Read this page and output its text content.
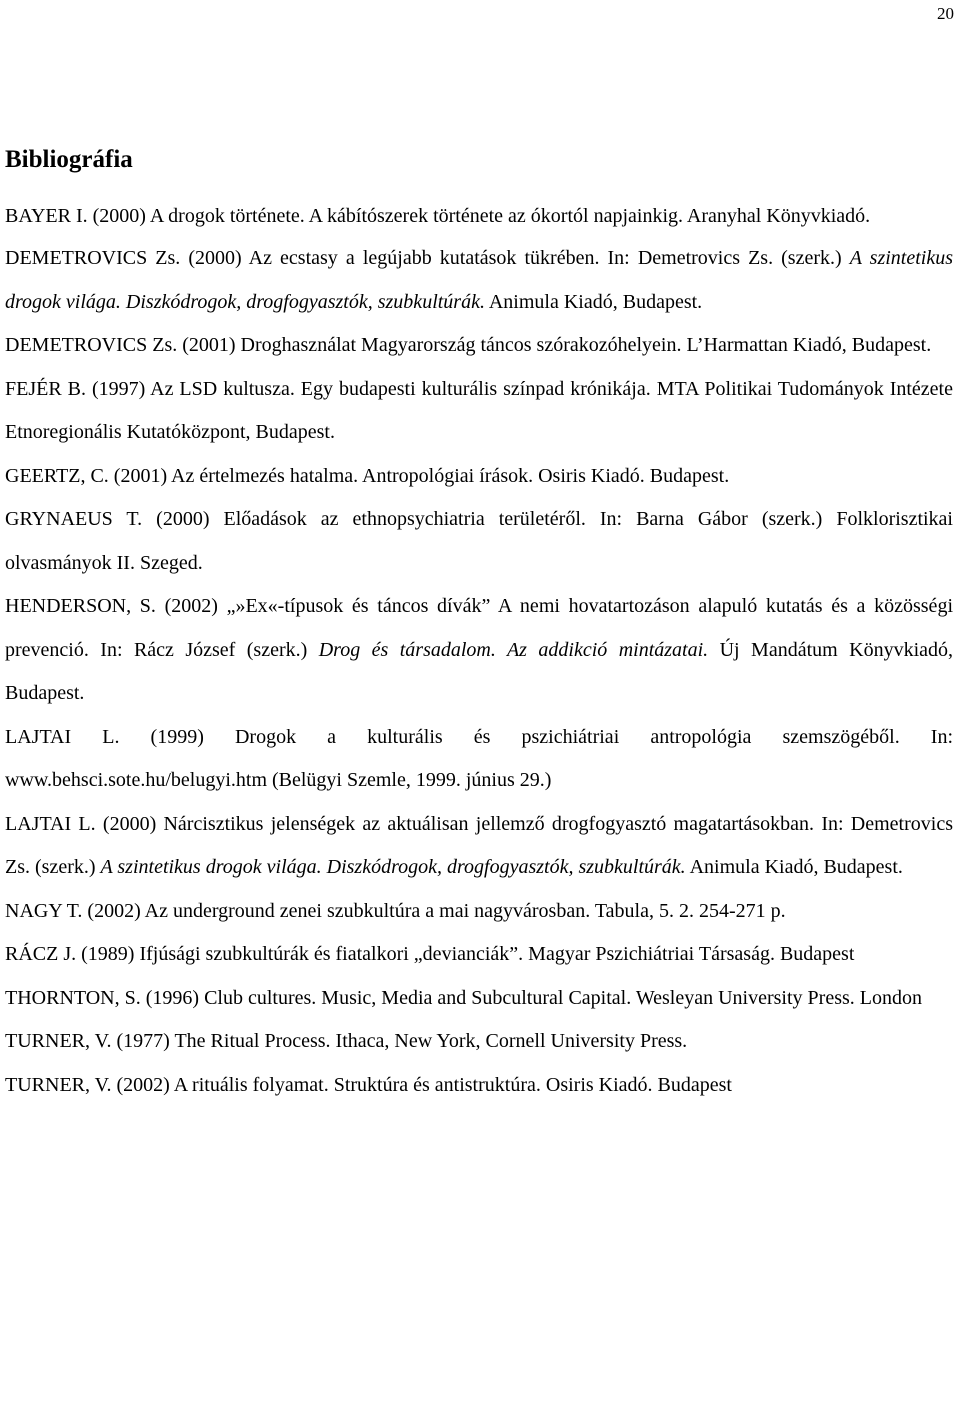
20
Bibliográfia

BAYER I. (2000) A drogok története. A kábítószerek története az ókortól napjainkig. Aranyhal Könyvkiadó.

DEMETROVICS Zs. (2000) Az ecstasy a legújabb kutatások tükrében. In: Demetrovics Zs. (szerk.) A szintetikus drogok világa. Diszkódrogok, drogfogyasztók, szubkultúrák. Animula Kiadó, Budapest.

DEMETROVICS Zs. (2001) Droghasználat Magyarország táncos szórakozóhelyein. L’Harmattan Kiadó, Budapest.

FEJÉR B. (1997) Az LSD kultusza. Egy budapesti kulturális színpad krónikája. MTA Politikai Tudományok Intézete Etnoregionális Kutatóközpont, Budapest.

GEERTZ, C. (2001) Az értelmezés hatalma. Antropológiai írások. Osiris Kiadó. Budapest.

GRYNAEUS T. (2000) Előadások az ethnopsychiatria területéről. In: Barna Gábor (szerk.) Folklorisztikai olvasmányok II. Szeged.

HENDERSON, S. (2002) „»Ex«-típusok és táncos dívák” A nemi hovatartozáson alapuló kutatás és a közösségi prevenció. In: Rácz József (szerk.) Drog és társadalom. Az addikció mintázatai. Új Mandátum Könyvkiadó, Budapest.

LAJTAI L. (1999) Drogok a kulturális és pszichiátriai antropológia szemszögéből. In: www.behsci.sote.hu/belugyi.htm (Belügyi Szemle, 1999. június 29.)

LAJTAI L. (2000) Nárcisztikus jelenségek az aktuálisan jellemző drogfogyasztó magatartásokban. In: Demetrovics Zs. (szerk.) A szintetikus drogok világa. Diszkódrogok, drogfogyasztók, szubkultúrák. Animula Kiadó, Budapest.

NAGY T. (2002) Az underground zenei szubkultúra a mai nagyvárosban. Tabula, 5. 2. 254-271 p.

RÁCZ J. (1989) Ifjúsági szubkultúrák és fiatalkori „devianciák”. Magyar Pszichiátriai Társaság. Budapest

THORNTON, S. (1996) Club cultures. Music, Media and Subcultural Capital. Wesleyan University Press. London

TURNER, V. (1977) The Ritual Process. Ithaca, New York, Cornell University Press.

TURNER, V. (2002) A rituális folyamat. Struktúra és antistruktúra. Osiris Kiadó. Budapest
